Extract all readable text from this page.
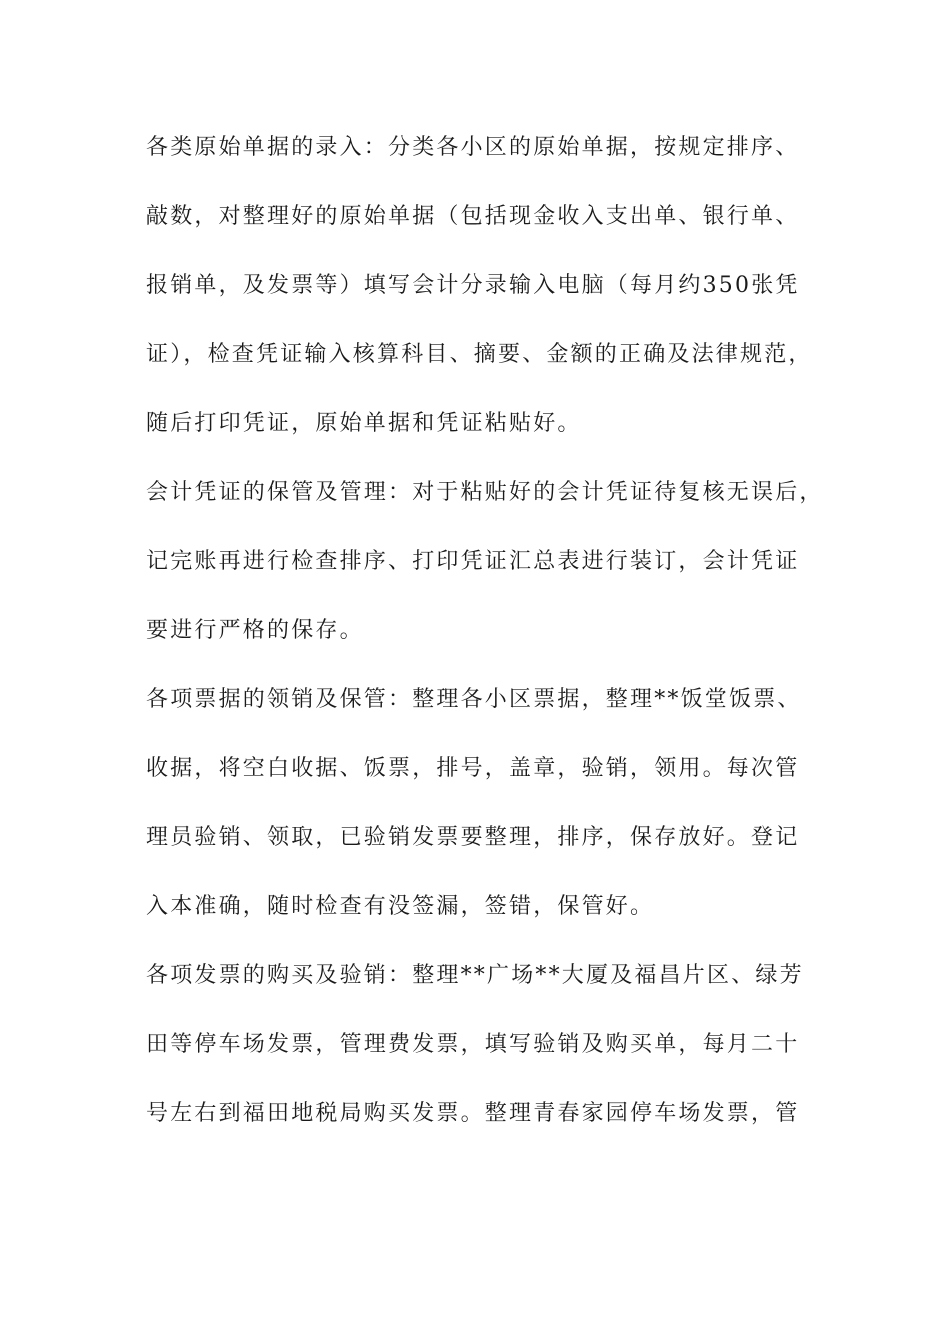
各类原始单据的录入：分类各小区的原始单据，按规定排序、
敲数，对整理好的原始单据（包括现金收入支出单、银行单、
报销单，及发票等）填写会计分录输入电脑（每月约350张凭
证），检查凭证输入核算科目、摘要、金额的正确及法律规范，
随后打印凭证，原始单据和凭证粘贴好。
会计凭证的保管及管理：对于粘贴好的会计凭证待复核无误后，
记完账再进行检查排序、打印凭证汇总表进行装订，会计凭证
要进行严格的保存。
各项票据的领销及保管：整理各小区票据，整理**饭堂饭票、
收据，将空白收据、饭票，排号，盖章，验销，领用。每次管
理员验销、领取，已验销发票要整理，排序，保存放好。登记
入本准确，随时检查有没签漏，签错，保管好。
各项发票的购买及验销：整理**广场**大厦及福昌片区、绿芳
田等停车场发票，管理费发票，填写验销及购买单，每月二十
号左右到福田地税局购买发票。整理青春家园停车场发票，管
